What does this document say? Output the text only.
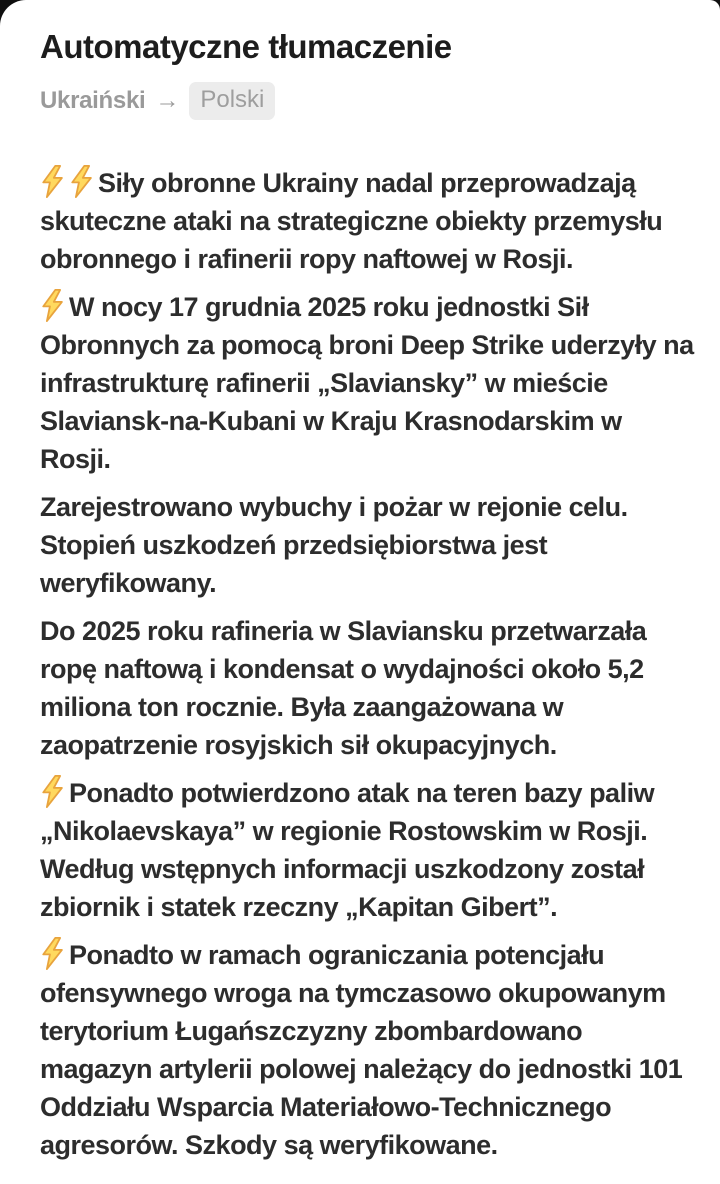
Automatyczne tłumaczenie
Ukraiński → Polski

Siły obronne Ukrainy nadal przeprowadzają skuteczne ataki na strategiczne obiekty przemysłu obronnego i rafinerii ropy naftowej w Rosji.

W nocy 17 grudnia 2025 roku jednostki Sił Obronnych za pomocą broni Deep Strike uderzyły na infrastrukturę rafinerii „Slaviansky” w mieście Slaviansk-na-Kubani w Kraju Krasnodarskim w Rosji.

Zarejestrowano wybuchy i pożar w rejonie celu. Stopień uszkodzeń przedsiębiorstwa jest weryfikowany.

Do 2025 roku rafineria w Slaviansku przetwarzała ropę naftową i kondensat o wydajności około 5,2 miliona ton rocznie. Była zaangażowana w zaopatrzenie rosyjskich sił okupacyjnych.

Ponadto potwierdzono atak na teren bazy paliw „Nikolaevskaya” w regionie Rostowskim w Rosji. Według wstępnych informacji uszkodzony został zbiornik i statek rzeczny „Kapitan Gibert”.

Ponadto w ramach ograniczania potencjału ofensywnego wroga na tymczasowo okupowanym terytorium Ługańszczyzny zbombardowano magazyn artylerii polowej należący do jednostki 101 Oddziału Wsparcia Materiałowo-Technicznego agresorów. Szkody są weryfikowane.
